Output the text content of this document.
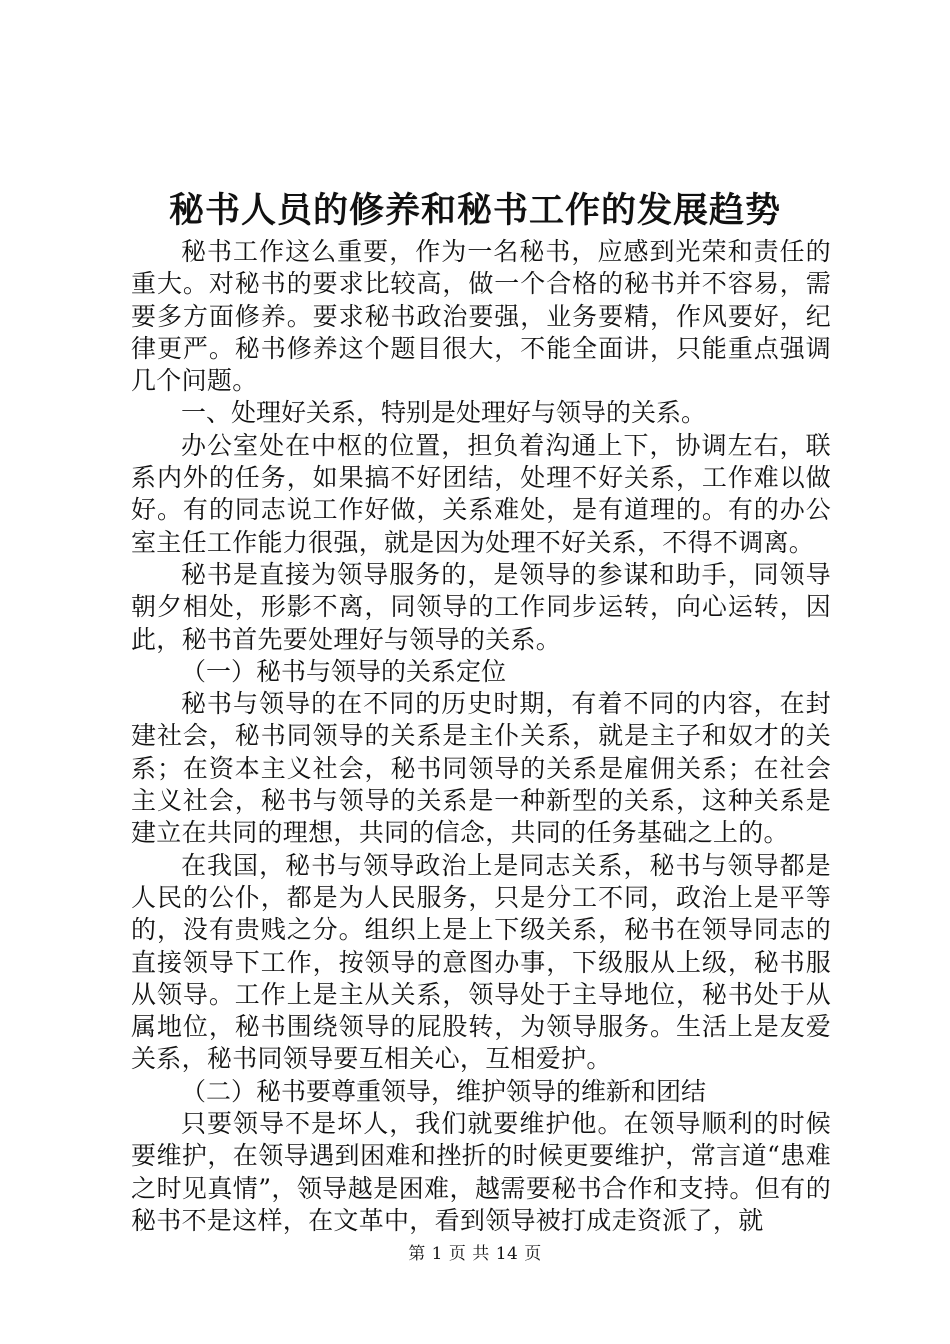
秘书人员的修养和秘书工作的发展趋势

秘书工作这么重要，作为一名秘书，应感到光荣和责任的重大。对秘书的要求比较高，做一个合格的秘书并不容易，需要多方面修养。要求秘书政治要强，业务要精，作风要好，纪律更严。秘书修养这个题目很大，不能全面讲，只能重点强调几个问题。

一、处理好关系，特别是处理好与领导的关系。

办公室处在中枢的位置，担负着沟通上下，协调左右，联系内外的任务，如果搞不好团结，处理不好关系，工作难以做好。有的同志说工作好做，关系难处，是有道理的。有的办公室主任工作能力很强，就是因为处理不好关系，不得不调离。

秘书是直接为领导服务的，是领导的参谋和助手，同领导朝夕相处，形影不离，同领导的工作同步运转，向心运转，因此，秘书首先要处理好与领导的关系。

（一）秘书与领导的关系定位

秘书与领导的在不同的历史时期，有着不同的内容，在封建社会，秘书同领导的关系是主仆关系，就是主子和奴才的关系；在资本主义社会，秘书同领导的关系是雇佣关系；在社会主义社会，秘书与领导的关系是一种新型的关系，这种关系是建立在共同的理想，共同的信念，共同的任务基础之上的。

在我国，秘书与领导政治上是同志关系，秘书与领导都是人民的公仆，都是为人民服务，只是分工不同，政治上是平等的，没有贵贱之分。组织上是上下级关系，秘书在领导同志的直接领导下工作，按领导的意图办事，下级服从上级，秘书服从领导。工作上是主从关系，领导处于主导地位，秘书处于从属地位，秘书围绕领导的屁股转，为领导服务。生活上是友爱关系，秘书同领导要互相关心，互相爱护。

（二）秘书要尊重领导，维护领导的维新和团结

只要领导不是坏人，我们就要维护他。在领导顺利的时候要维护，在领导遇到困难和挫折的时候更要维护，常言道“患难之时见真情”，领导越是困难，越需要秘书合作和支持。但有的秘书不是这样，在文革中，看到领导被打成走资派了，就

第 1 页 共 14 页
